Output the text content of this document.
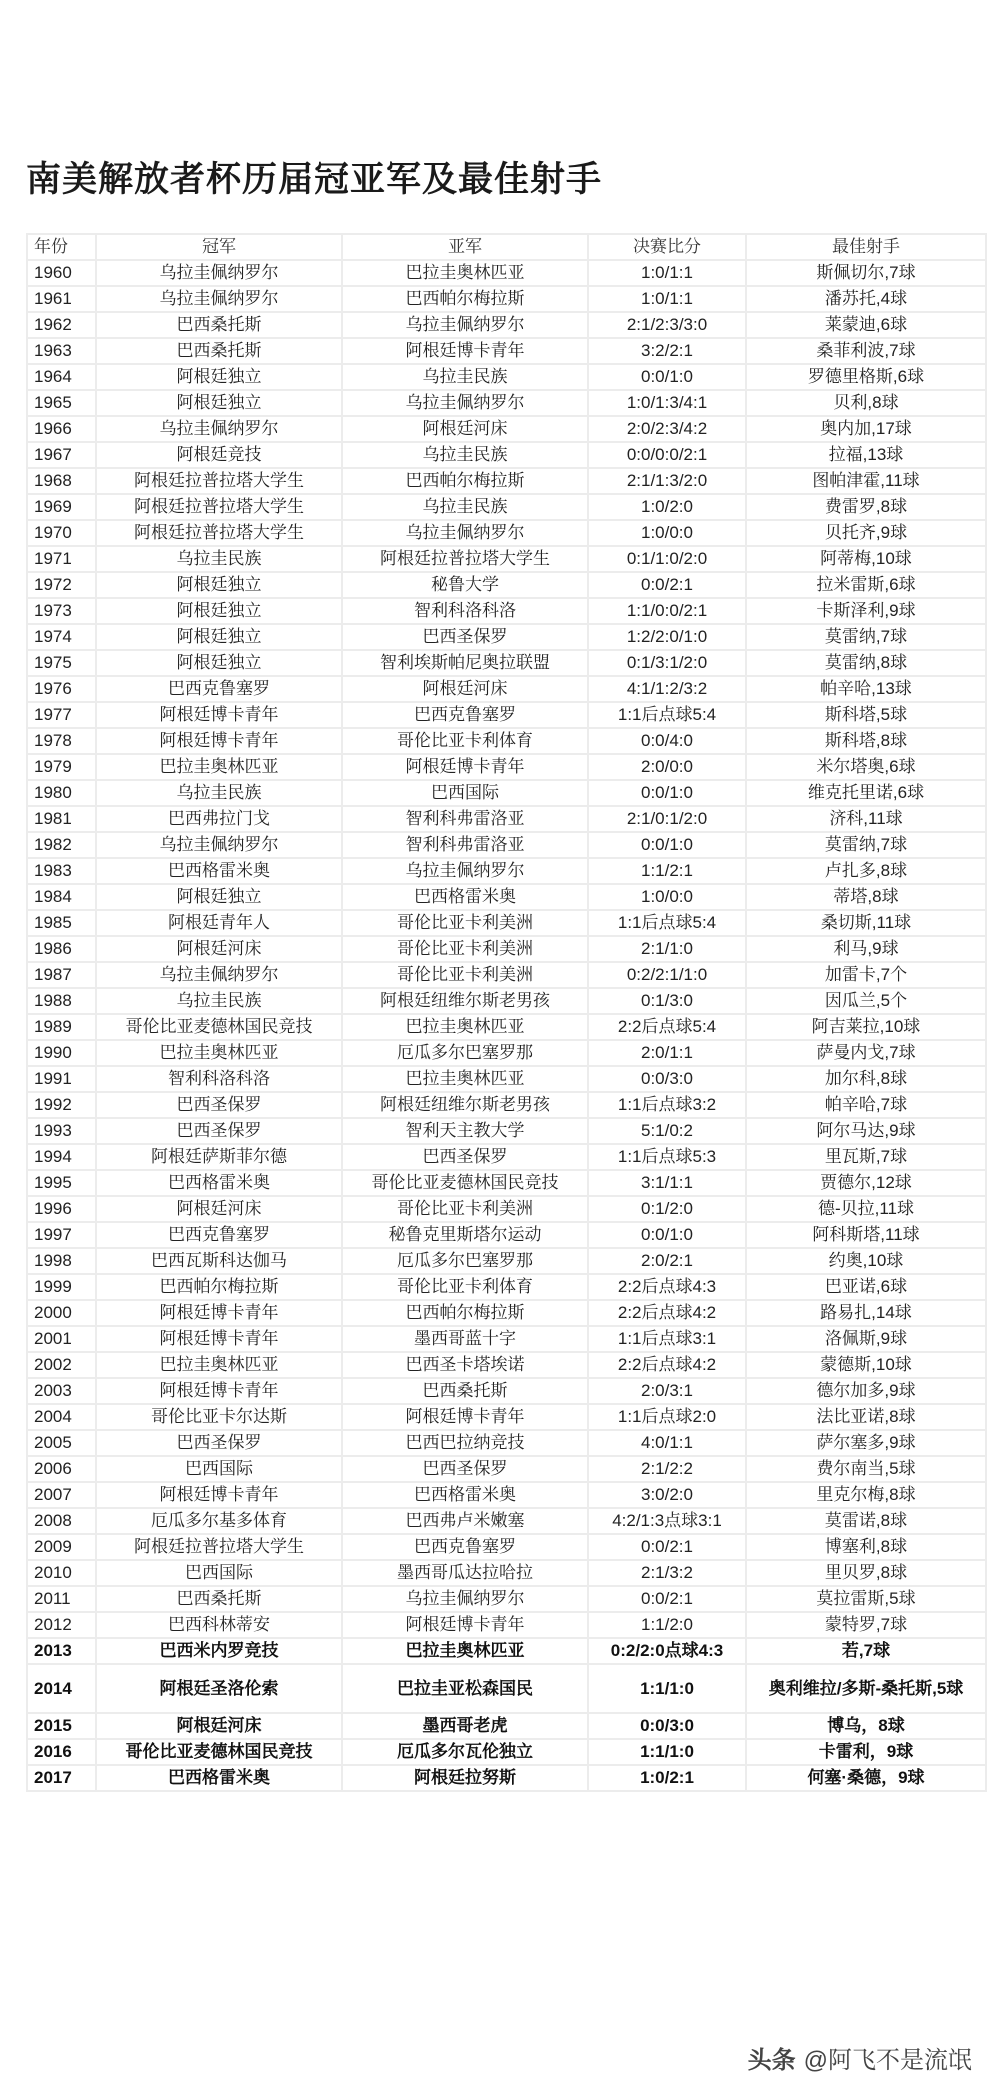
南美解放者杯历届冠亚军及最佳射手
年份	冠军	亚军	决赛比分	最佳射手
1960	乌拉圭佩纳罗尔	巴拉圭奥林匹亚	1:0/1:1	斯佩切尔,7球
1961	乌拉圭佩纳罗尔	巴西帕尔梅拉斯	1:0/1:1	潘苏托,4球
1962	巴西桑托斯	乌拉圭佩纳罗尔	2:1/2:3/3:0	莱蒙迪,6球
1963	巴西桑托斯	阿根廷博卡青年	3:2/2:1	桑菲利波,7球
1964	阿根廷独立	乌拉圭民族	0:0/1:0	罗德里格斯,6球
1965	阿根廷独立	乌拉圭佩纳罗尔	1:0/1:3/4:1	贝利,8球
1966	乌拉圭佩纳罗尔	阿根廷河床	2:0/2:3/4:2	奥内加,17球
1967	阿根廷竞技	乌拉圭民族	0:0/0:0/2:1	拉福,13球
1968	阿根廷拉普拉塔大学生	巴西帕尔梅拉斯	2:1/1:3/2:0	图帕津霍,11球
1969	阿根廷拉普拉塔大学生	乌拉圭民族	1:0/2:0	费雷罗,8球
1970	阿根廷拉普拉塔大学生	乌拉圭佩纳罗尔	1:0/0:0	贝托齐,9球
1971	乌拉圭民族	阿根廷拉普拉塔大学生	0:1/1:0/2:0	阿蒂梅,10球
1972	阿根廷独立	秘鲁大学	0:0/2:1	拉米雷斯,6球
1973	阿根廷独立	智利科洛科洛	1:1/0:0/2:1	卡斯泽利,9球
1974	阿根廷独立	巴西圣保罗	1:2/2:0/1:0	莫雷纳,7球
1975	阿根廷独立	智利埃斯帕尼奥拉联盟	0:1/3:1/2:0	莫雷纳,8球
1976	巴西克鲁塞罗	阿根廷河床	4:1/1:2/3:2	帕辛哈,13球
1977	阿根廷博卡青年	巴西克鲁塞罗	1:1后点球5:4	斯科塔,5球
1978	阿根廷博卡青年	哥伦比亚卡利体育	0:0/4:0	斯科塔,8球
1979	巴拉圭奥林匹亚	阿根廷博卡青年	2:0/0:0	米尔塔奥,6球
1980	乌拉圭民族	巴西国际	0:0/1:0	维克托里诺,6球
1981	巴西弗拉门戈	智利科弗雷洛亚	2:1/0:1/2:0	济科,11球
1982	乌拉圭佩纳罗尔	智利科弗雷洛亚	0:0/1:0	莫雷纳,7球
1983	巴西格雷米奥	乌拉圭佩纳罗尔	1:1/2:1	卢扎多,8球
1984	阿根廷独立	巴西格雷米奥	1:0/0:0	蒂塔,8球
1985	阿根廷青年人	哥伦比亚卡利美洲	1:1后点球5:4	桑切斯,11球
1986	阿根廷河床	哥伦比亚卡利美洲	2:1/1:0	利马,9球
1987	乌拉圭佩纳罗尔	哥伦比亚卡利美洲	0:2/2:1/1:0	加雷卡,7个
1988	乌拉圭民族	阿根廷纽维尔斯老男孩	0:1/3:0	因瓜兰,5个
1989	哥伦比亚麦德林国民竞技	巴拉圭奥林匹亚	2:2后点球5:4	阿吉莱拉,10球
1990	巴拉圭奥林匹亚	厄瓜多尔巴塞罗那	2:0/1:1	萨曼内戈,7球
1991	智利科洛科洛	巴拉圭奥林匹亚	0:0/3:0	加尔科,8球
1992	巴西圣保罗	阿根廷纽维尔斯老男孩	1:1后点球3:2	帕辛哈,7球
1993	巴西圣保罗	智利天主教大学	5:1/0:2	阿尔马达,9球
1994	阿根廷萨斯菲尔德	巴西圣保罗	1:1后点球5:3	里瓦斯,7球
1995	巴西格雷米奥	哥伦比亚麦德林国民竞技	3:1/1:1	贾德尔,12球
1996	阿根廷河床	哥伦比亚卡利美洲	0:1/2:0	德-贝拉,11球
1997	巴西克鲁塞罗	秘鲁克里斯塔尔运动	0:0/1:0	阿科斯塔,11球
1998	巴西瓦斯科达伽马	厄瓜多尔巴塞罗那	2:0/2:1	约奥,10球
1999	巴西帕尔梅拉斯	哥伦比亚卡利体育	2:2后点球4:3	巴亚诺,6球
2000	阿根廷博卡青年	巴西帕尔梅拉斯	2:2后点球4:2	路易扎,14球
2001	阿根廷博卡青年	墨西哥蓝十字	1:1后点球3:1	洛佩斯,9球
2002	巴拉圭奥林匹亚	巴西圣卡塔埃诺	2:2后点球4:2	蒙德斯,10球
2003	阿根廷博卡青年	巴西桑托斯	2:0/3:1	德尔加多,9球
2004	哥伦比亚卡尔达斯	阿根廷博卡青年	1:1后点球2:0	法比亚诺,8球
2005	巴西圣保罗	巴西巴拉纳竞技	4:0/1:1	萨尔塞多,9球
2006	巴西国际	巴西圣保罗	2:1/2:2	费尔南当,5球
2007	阿根廷博卡青年	巴西格雷米奥	3:0/2:0	里克尔梅,8球
2008	厄瓜多尔基多体育	巴西弗卢米嫩塞	4:2/1:3点球3:1	莫雷诺,8球
2009	阿根廷拉普拉塔大学生	巴西克鲁塞罗	0:0/2:1	博塞利,8球
2010	巴西国际	墨西哥瓜达拉哈拉	2:1/3:2	里贝罗,8球
2011	巴西桑托斯	乌拉圭佩纳罗尔	0:0/2:1	莫拉雷斯,5球
2012	巴西科林蒂安	阿根廷博卡青年	1:1/2:0	蒙特罗,7球
2013	巴西米内罗竞技	巴拉圭奥林匹亚	0:2/2:0点球4:3	若,7球
2014	阿根廷圣洛伦索	巴拉圭亚松森国民	1:1/1:0	奥利维拉/多斯-桑托斯,5球
2015	阿根廷河床	墨西哥老虎	0:0/3:0	博乌，8球
2016	哥伦比亚麦德林国民竞技	厄瓜多尔瓦伦独立	1:1/1:0	卡雷利，9球
2017	巴西格雷米奥	阿根廷拉努斯	1:0/2:1	何塞·桑德，9球
头条 @阿飞不是流氓
